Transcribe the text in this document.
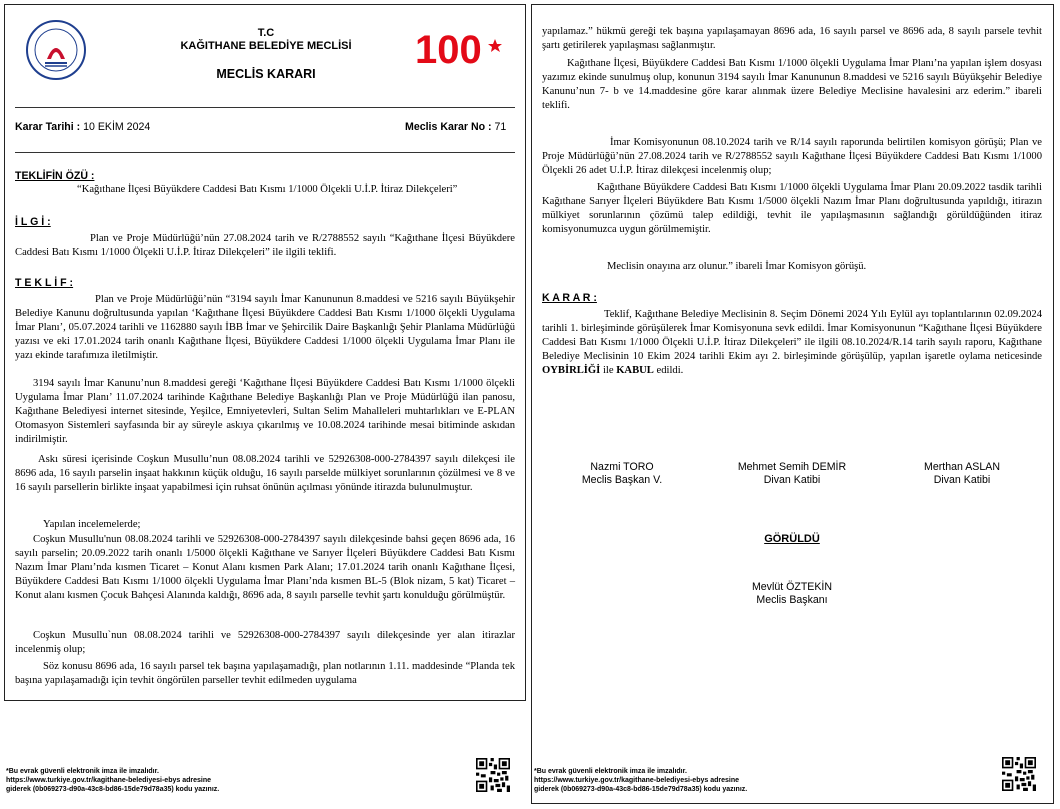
100
T.C
KAĞITHANE BELEDİYE MECLİSİ
MECLİS KARARI
Karar Tarihi : 10 EKİM 2024	Meclis Karar No : 71
TEKLİFİN ÖZÜ :
“Kağıthane İlçesi Büyükdere Caddesi Batı Kısmı 1/1000 Ölçekli U.İ.P. İtiraz Dilekçeleri”
İ L G İ :
Plan ve Proje Müdürlüğü’nün 27.08.2024 tarih ve R/2788552 sayılı “Kağıthane İlçesi Büyükdere Caddesi Batı Kısmı 1/1000 Ölçekli U.İ.P. İtiraz Dilekçeleri” ile ilgili teklifi.
T E K L İ F :
Plan ve Proje Müdürlüğü’nün “3194 sayılı İmar Kanununun 8.maddesi ve 5216 sayılı Büyükşehir Belediye Kanunu doğrultusunda yapılan ‘Kağıthane İlçesi Büyükdere Caddesi Batı Kısmı 1/1000 ölçekli Uygulama İmar Planı’, 05.07.2024 tarihli ve 1162880 sayılı İBB İmar ve Şehircilik Daire Başkanlığı Şehir Planlama Müdürlüğü yazısı ve eki 17.01.2024 tarih onanlı Kağıthane İlçesi, Büyükdere Caddesi 1/1000 ölçekli Uygulama İmar Planı ile yazı ekinde tarafımıza iletilmiştir.
3194 sayılı İmar Kanunu’nun 8.maddesi gereği ‘Kağıthane İlçesi Büyükdere Caddesi Batı Kısmı 1/1000 ölçekli Uygulama İmar Planı’ 11.07.2024 tarihinde Kağıthane Belediye Başkanlığı Plan ve Proje Müdürlüğü ilan panosu, Kağıthane Belediyesi internet sitesinde, Yeşilce, Emniyetevleri, Sultan Selim Mahalleleri muhtarlıkları ve E-PLAN Otomasyon Sistemleri sayfasında bir ay süreyle askıya çıkarılmış ve 10.08.2024 tarihinde mesai bitiminde askıdan indirilmiştir.
Askı süresi içerisinde Coşkun Musullu’nun 08.08.2024 tarihli ve 52926308-000-2784397 sayılı dilekçesi ile 8696 ada, 16 sayılı parselin inşaat hakkının küçük olduğu, 16 sayılı parselde mülkiyet sorunlarının çözülmesi ve 8 ve 16 sayılı parsellerin birlikte inşaat yapabilmesi için ruhsat önünün açılması yönünde itirazda bulunulmuştur.
Yapılan incelemelerde;
Coşkun Musullu'nun 08.08.2024 tarihli ve 52926308-000-2784397 sayılı dilekçesinde bahsi geçen 8696 ada, 16 sayılı parselin; 20.09.2022 tarih onanlı 1/5000 ölçekli Kağıthane ve Sarıyer İlçeleri Büyükdere Caddesi Batı Kısmı Nazım İmar Planı’nda kısmen Ticaret – Konut Alanı kısmen Park Alanı; 17.01.2024 tarih onanlı Kağıthane İlçesi, Büyükdere Caddesi Batı Kısmı 1/1000 ölçekli Uygulama İmar Planı’nda kısmen BL-5 (Blok nizam, 5 kat) Ticaret – Konut alanı kısmen Çocuk Bahçesi Alanında kaldığı, 8696 ada, 8 sayılı parselle tevhit şartı konulduğu görülmüştür.
Coşkun Musullu`nun 08.08.2024 tarihli ve 52926308-000-2784397 sayılı dilekçesinde yer alan itirazlar incelenmiş olup;
Söz konusu 8696 ada, 16 sayılı parsel tek başına yapılaşamadığı, plan notlarının 1.11. maddesinde “Planda tek başına yapılaşamadığı için tevhit öngörülen parseller tevhit edilmeden uygulama
*Bu evrak güvenli elektronik imza ile imzalıdır.
https://www.turkiye.gov.tr/kagithane-belediyesi-ebys adresine
giderek (0b069273-d90a-43c8-bd86-15de79d78a35) kodu yazınız.
yapılamaz.” hükmü gereği tek başına yapılaşamayan 8696 ada, 16 sayılı parsel ve 8696 ada, 8 sayılı parsele tevhit şartı getirilerek yapılaşması sağlanmıştır.
Kağıthane İlçesi, Büyükdere Caddesi Batı Kısmı 1/1000 ölçekli Uygulama İmar Planı’na yapılan işlem dosyası yazımız ekinde sunulmuş olup, konunun 3194 sayılı İmar Kanununun 8.maddesi ve 5216 sayılı Büyükşehir Belediye Kanunu’nun 7- b ve 14.maddesine göre karar alınmak üzere Belediye Meclisine havalesini arz ederim.” ibareli teklifi.
İmar Komisyonunun 08.10.2024 tarih ve R/14 sayılı raporunda belirtilen komisyon görüşü; Plan ve Proje Müdürlüğü’nün 27.08.2024 tarih ve R/2788552 sayılı Kağıthane İlçesi Büyükdere Caddesi Batı Kısmı 1/1000 Ölçekli 26 adet U.İ.P. İtiraz dilekçesi incelenmiş olup;
Kağıthane Büyükdere Caddesi Batı Kısmı 1/1000 ölçekli Uygulama İmar Planı 20.09.2022 tasdik tarihli Kağıthane Sarıyer İlçeleri Büyükdere Batı Kısmı 1/5000 ölçekli Nazım İmar Planı doğrultusunda yapıldığı, itirazın mülkiyet sorunlarının çözümü talep edildiği, tevhit ile yapılaşmasının sağlandığı görüldüğünden itiraz komisyonumuzca uygun görülmemiştir.
Meclisin onayına arz olunur.” ibareli İmar Komisyon görüşü.
K A R A R :
Teklif, Kağıthane Belediye Meclisinin 8. Seçim Dönemi 2024 Yılı Eylül ayı toplantılarının 02.09.2024 tarihli 1. birleşiminde görüşülerek İmar Komisyonuna sevk edildi. İmar Komisyonunun “Kağıthane İlçesi Büyükdere Caddesi Batı Kısmı 1/1000 Ölçekli U.İ.P. İtiraz Dilekçeleri” ile ilgili 08.10.2024/R.14 tarih sayılı raporu, Kağıthane Belediye Meclisinin 10 Ekim 2024 tarihli Ekim ayı 2. birleşiminde görüşülüp, yapılan işaretle oylama neticesinde OYBİRLİĞİ ile KABUL edildi.
Nazmi TORO
Meclis Başkan V.
Mehmet Semih DEMİR
Divan Katibi
Merthan ASLAN
Divan Katibi
GÖRÜLDÜ
Mevlüt ÖZTEKİN
Meclis Başkanı
*Bu evrak güvenli elektronik imza ile imzalıdır.
https://www.turkiye.gov.tr/kagithane-belediyesi-ebys adresine
giderek (0b069273-d90a-43c8-bd86-15de79d78a35) kodu yazınız.
